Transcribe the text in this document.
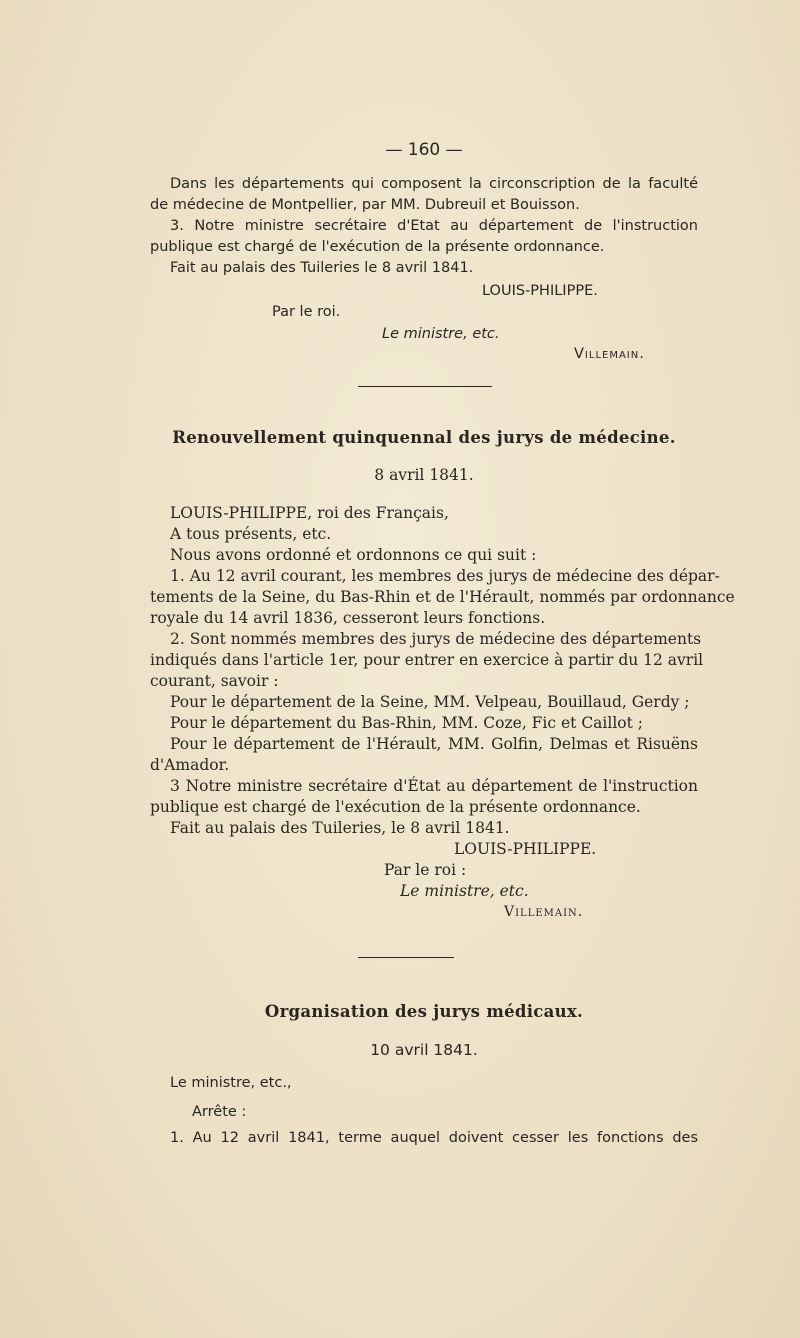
— 160 —
Dans les départements qui composent la circonscription de la faculté
de médecine de Montpellier, par MM. Dubreuil et Bouisson.
3. Notre ministre secrétaire d'Etat au département de l'instruction
publique est chargé de l'exécution de la présente ordonnance.
Fait au palais des Tuileries le 8 avril 1841.
LOUIS-PHILIPPE.
Par le roi.
Le ministre, etc.
Villemain.
Renouvellement quinquennal des jurys de médecine.
8 avril 1841.
LOUIS-PHILIPPE, roi des Français,
A tous présents, etc.
Nous avons ordonné et ordonnons ce qui suit :
1. Au 12 avril courant, les membres des jurys de médecine des dépar-
tements de la Seine, du Bas-Rhin et de l'Hérault, nommés par ordonnance
royale du 14 avril 1836, cesseront leurs fonctions.
2. Sont nommés membres des jurys de médecine des départements
indiqués dans l'article 1er, pour entrer en exercice à partir du 12 avril
courant, savoir :
Pour le département de la Seine, MM. Velpeau, Bouillaud, Gerdy ;
Pour le département du Bas-Rhin, MM. Coze, Fic et Caillot ;
Pour le département de l'Hérault, MM. Golfin, Delmas et Risuëns
d'Amador.
3 Notre ministre secrétaire d'État au département de l'instruction
publique est chargé de l'exécution de la présente ordonnance.
Fait au palais des Tuileries, le 8 avril 1841.
LOUIS-PHILIPPE.
Par le roi :
Le ministre, etc.
Villemain.
Organisation des jurys médicaux.
10 avril 1841.
Le ministre, etc.,
Arrête :
1. Au 12 avril 1841, terme auquel doivent cesser les fonctions des
